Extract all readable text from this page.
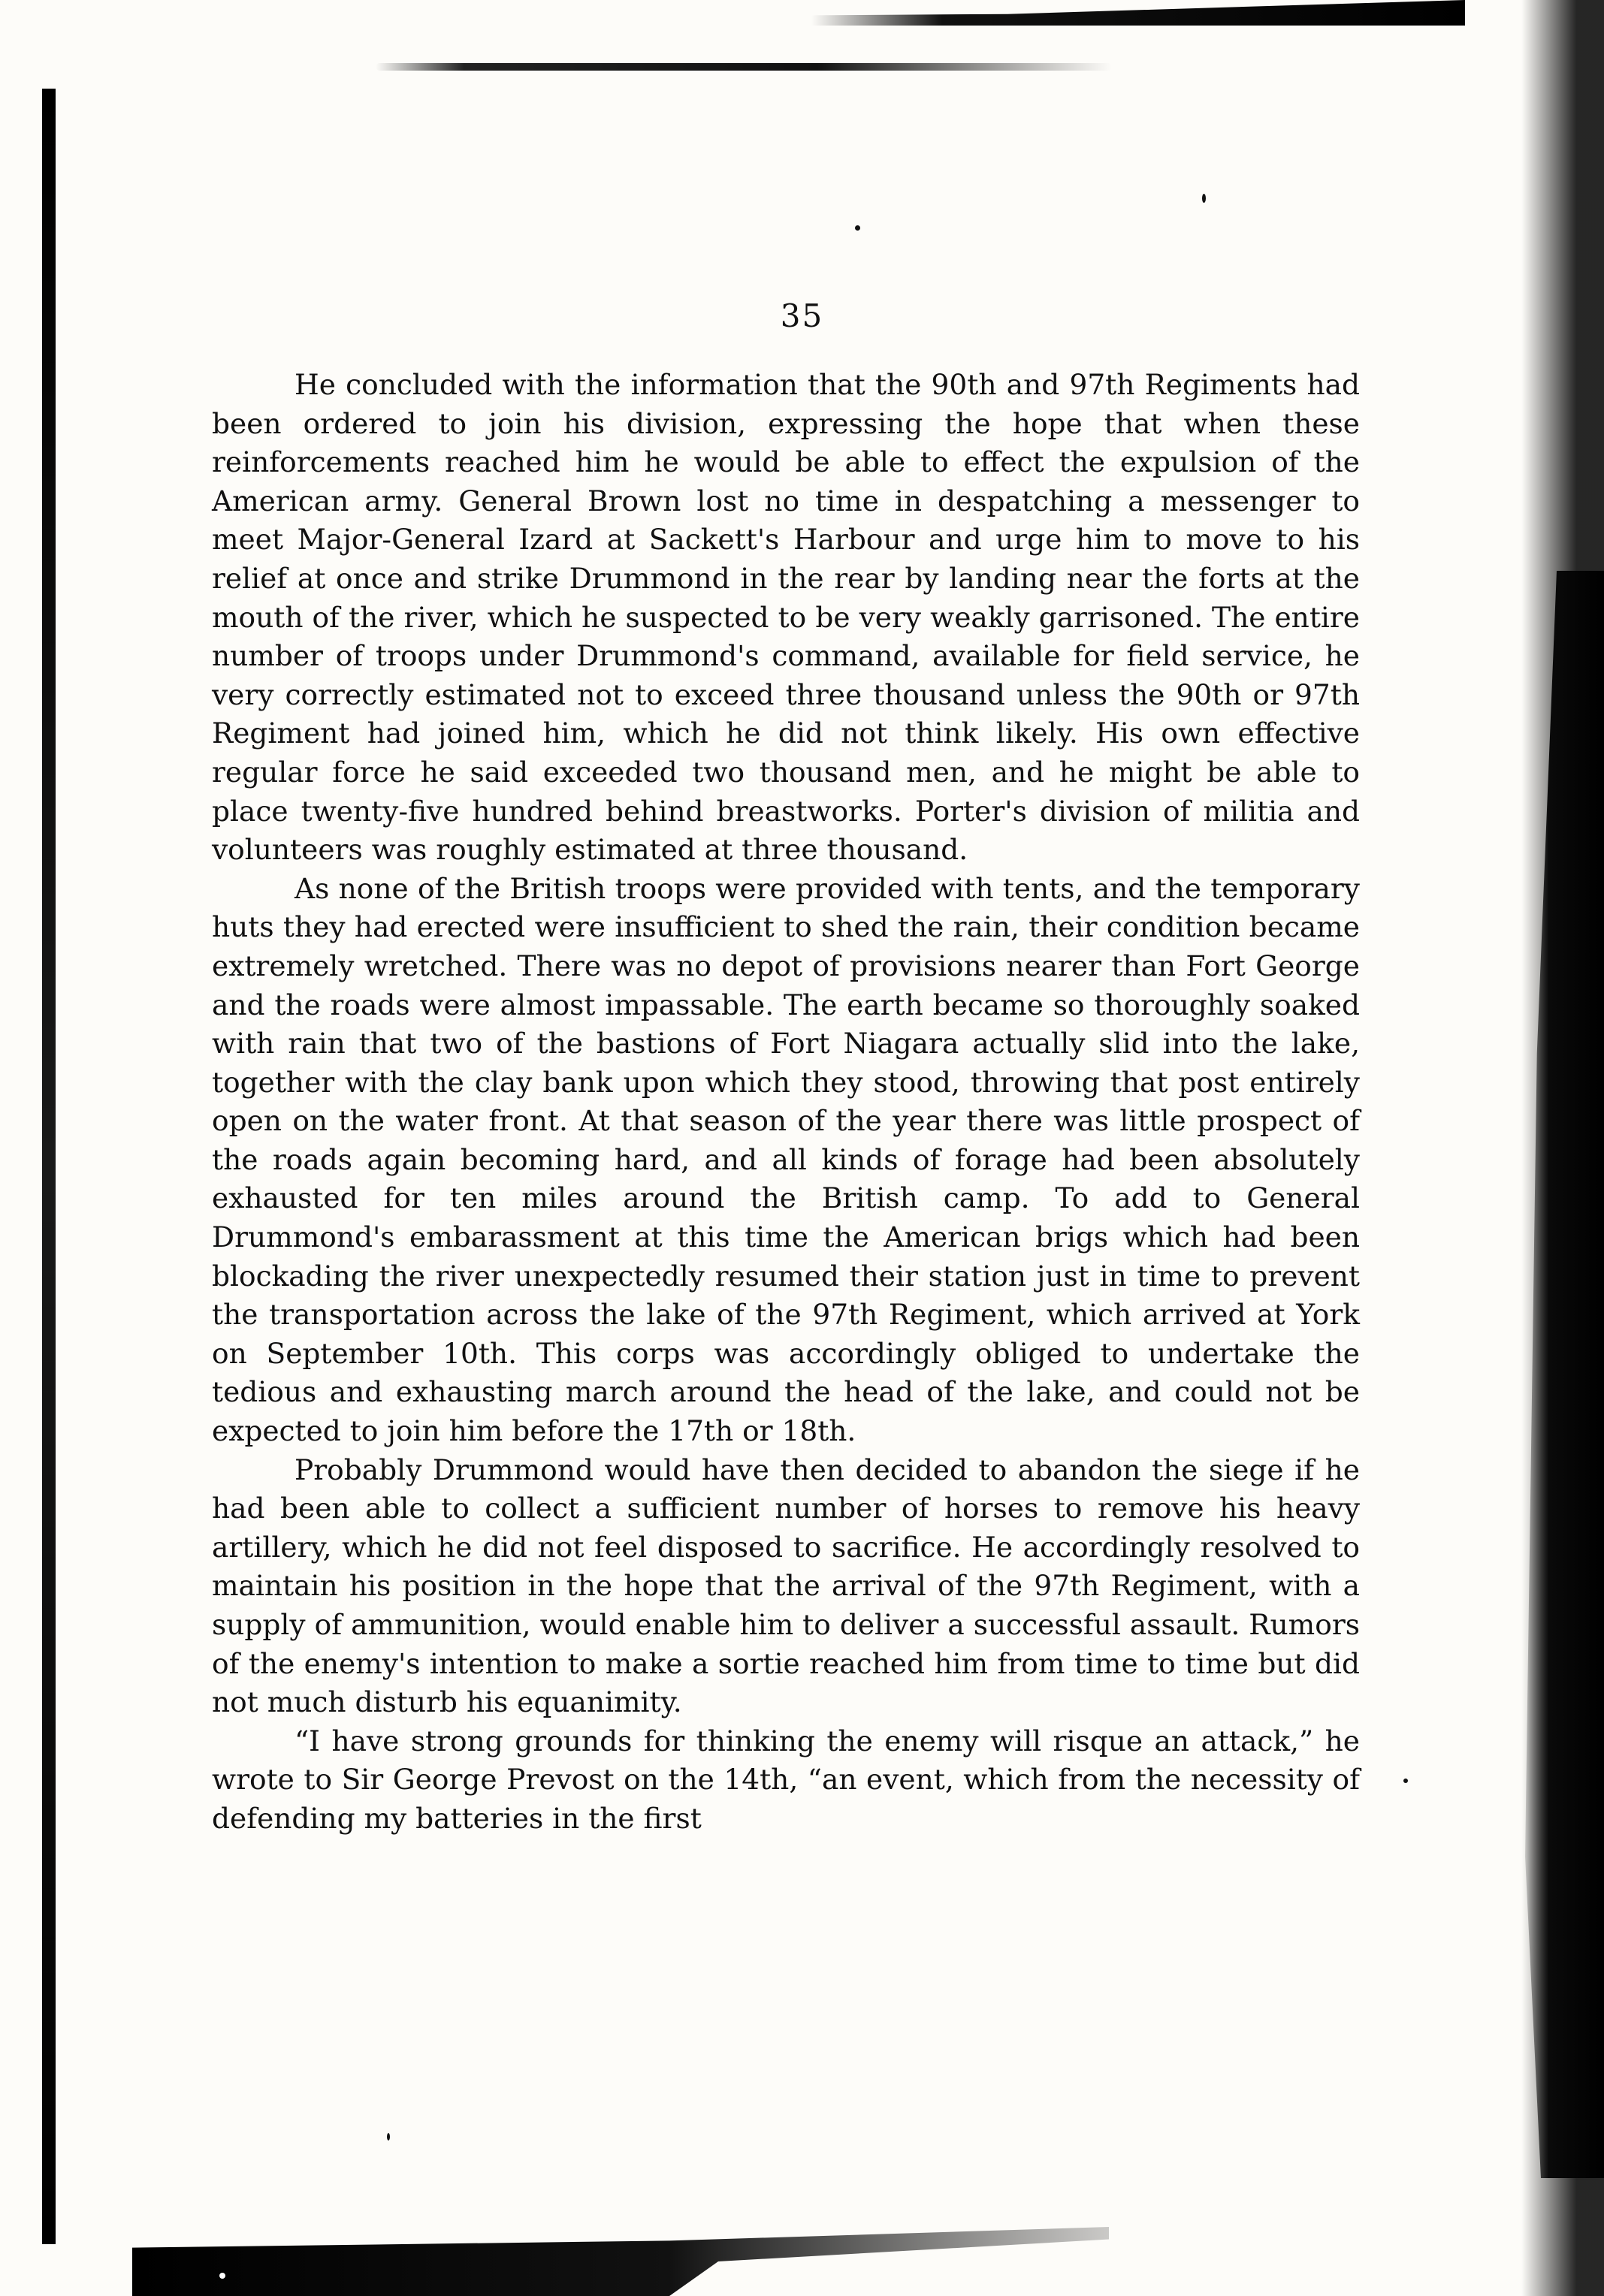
35

He concluded with the information that the 90th and 97th Regiments had been ordered to join his division, expressing the hope that when these reinforcements reached him he would be able to effect the expulsion of the American army. General Brown lost no time in despatching a messenger to meet Major-General Izard at Sackett's Harbour and urge him to move to his relief at once and strike Drummond in the rear by landing near the forts at the mouth of the river, which he suspected to be very weakly garrisoned. The entire number of troops under Drummond's command, available for field service, he very correctly estimated not to exceed three thousand unless the 90th or 97th Regiment had joined him, which he did not think likely. His own effective regular force he said exceeded two thousand men, and he might be able to place twenty-five hundred behind breastworks. Porter's division of militia and volunteers was roughly estimated at three thousand.

As none of the British troops were provided with tents, and the temporary huts they had erected were insufficient to shed the rain, their condition became extremely wretched. There was no depot of provisions nearer than Fort George and the roads were almost impassable. The earth became so thoroughly soaked with rain that two of the bastions of Fort Niagara actually slid into the lake, together with the clay bank upon which they stood, throwing that post entirely open on the water front. At that season of the year there was little prospect of the roads again becoming hard, and all kinds of forage had been absolutely exhausted for ten miles around the British camp. To add to General Drummond's embarassment at this time the American brigs which had been blockading the river unexpectedly resumed their station just in time to prevent the transportation across the lake of the 97th Regiment, which arrived at York on September 10th. This corps was accordingly obliged to undertake the tedious and exhausting march around the head of the lake, and could not be expected to join him before the 17th or 18th.

Probably Drummond would have then decided to abandon the siege if he had been able to collect a sufficient number of horses to remove his heavy artillery, which he did not feel disposed to sacrifice. He accordingly resolved to maintain his position in the hope that the arrival of the 97th Regiment, with a supply of ammunition, would enable him to deliver a successful assault. Rumors of the enemy's intention to make a sortie reached him from time to time but did not much disturb his equanimity.

“I have strong grounds for thinking the enemy will risque an attack,” he wrote to Sir George Prevost on the 14th, “an event, which from the necessity of defending my batteries in the first
